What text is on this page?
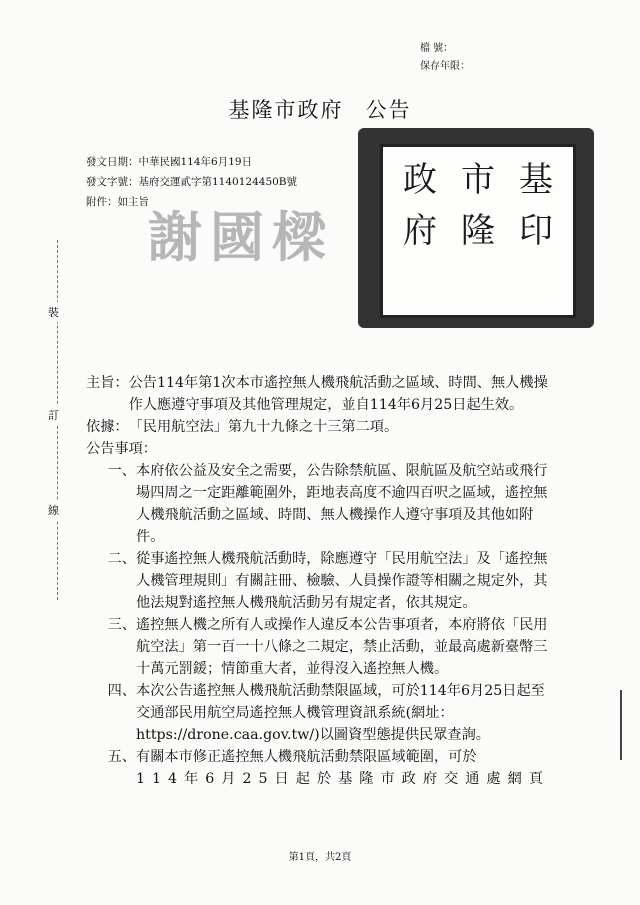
檔 號：
保存年限：
基隆市政府 公告
發文日期：中華民國114年6月19日
發文字號：基府交運貳字第1140124450B號
附件：如主旨
政 市 基
府 隆 印
謝國樑
裝
訂
線
主旨： 公告114年第1次本市遙控無人機飛航活動之區域、時間、無人機操作人應遵守事項及其他管理規定，並自114年6月25日起生效。
依據： 「民用航空法」第九十九條之十三第二項。
公告事項：
一、 本府依公益及安全之需要，公告除禁航區、限航區及航空站或飛行場四周之一定距離範圍外，距地表高度不逾四百呎之區域，遙控無人機飛航活動之區域、時間、無人機操作人遵守事項及其他如附件。
二、 從事遙控無人機飛航活動時，除應遵守「民用航空法」及「遙控無人機管理規則」有關註冊、檢驗、人員操作證等相關之規定外，其他法規對遙控無人機飛航活動另有規定者，依其規定。
三、 遙控無人機之所有人或操作人違反本公告事項者，本府將依「民用航空法」第一百一十八條之二規定，禁止活動，並最高處新臺幣三十萬元罰鍰；情節重大者，並得沒入遙控無人機。
四、 本次公告遙控無人機飛航活動禁限區域，可於114年6月25日起至交通部民用航空局遙控無人機管理資訊系統(網址：https://drone.caa.gov.tw/)以圖資型態提供民眾查詢。
五、 有關本市修正遙控無人機飛航活動禁限區域範圍，可於
114年6月25日起於基隆市政府交通處網頁
第1頁，共2頁
